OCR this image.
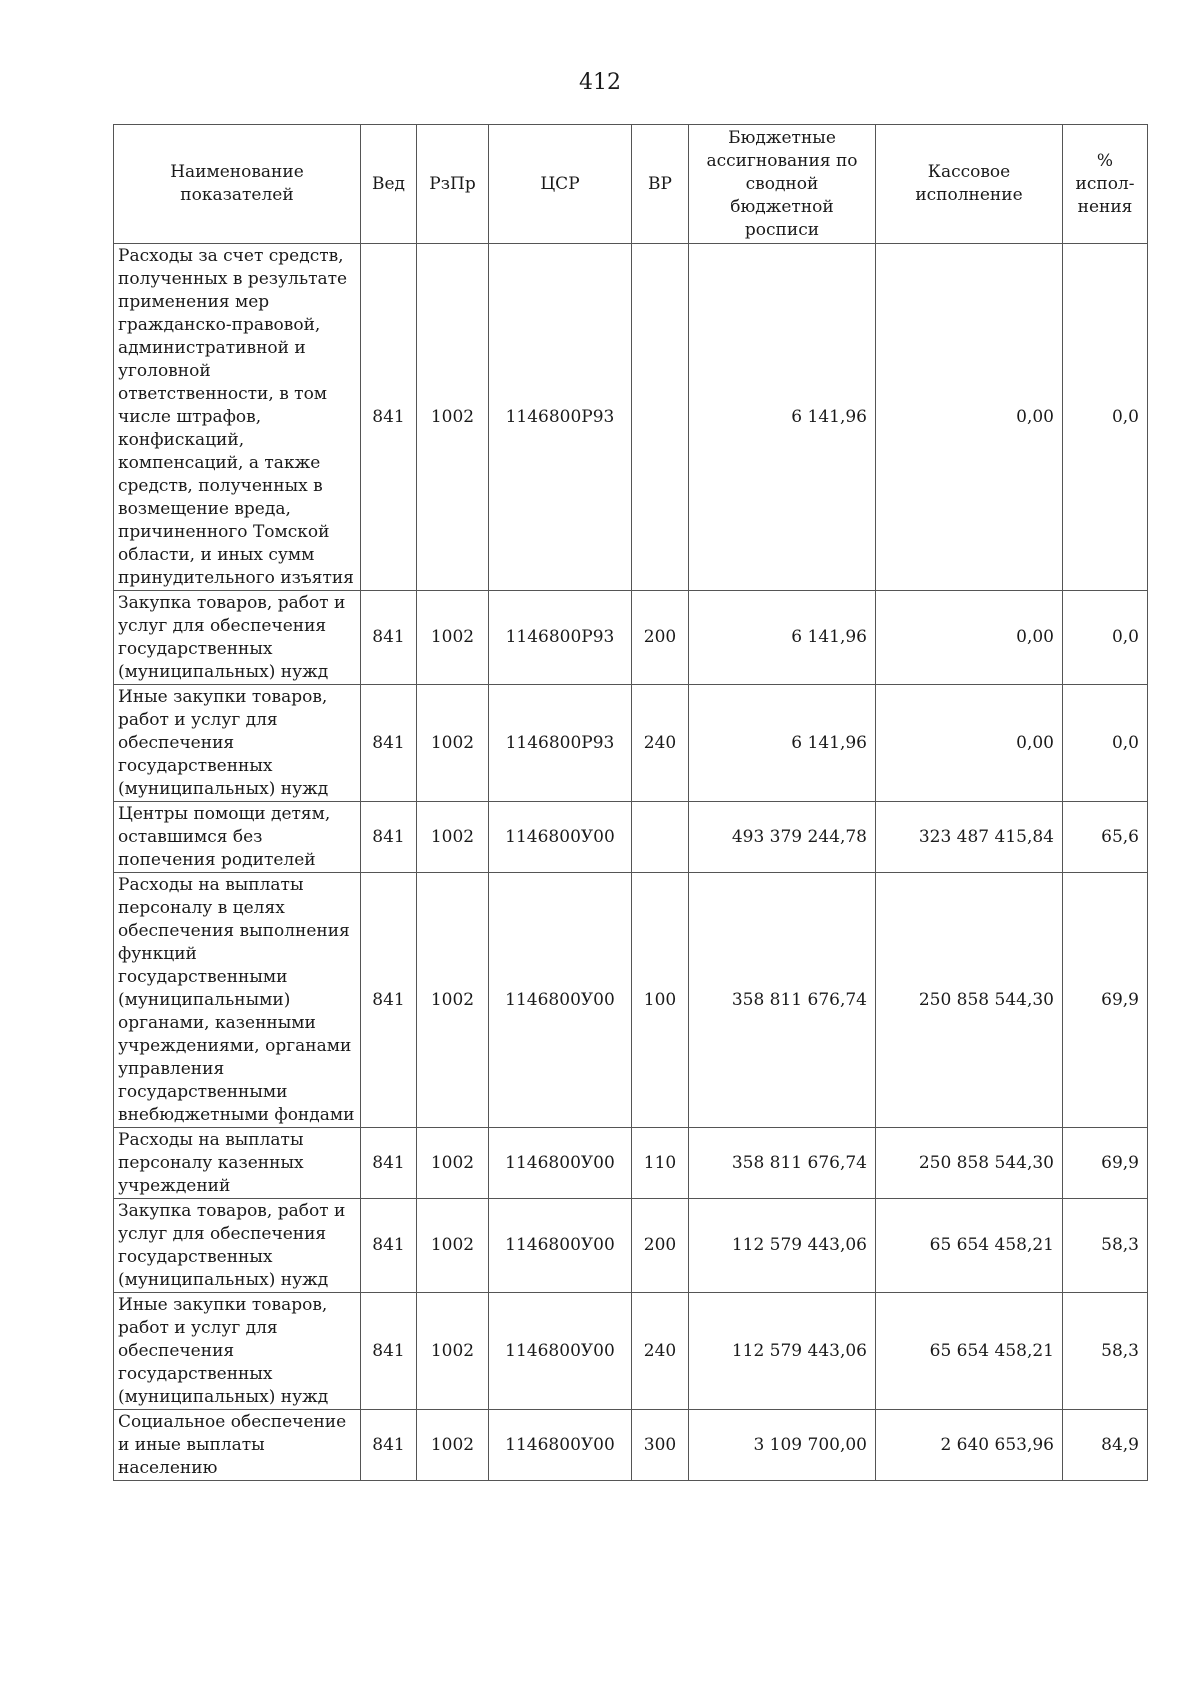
412
Наименование показателей	Вед	РзПр	ЦСР	ВР	Бюджетные ассигнования по сводной бюджетной росписи	Кассовое исполнение	% испол-нения
Расходы за счет средств, полученных в результате применения мер гражданско-правовой, административной и уголовной ответственности, в том числе штрафов, конфискаций, компенсаций, а также средств, полученных в возмещение вреда, причиненного Томской области, и иных сумм принудительного изъятия	841	1002	1146800Р93		6 141,96	0,00	0,0
Закупка товаров, работ и услуг для обеспечения государственных (муниципальных) нужд	841	1002	1146800Р93	200	6 141,96	0,00	0,0
Иные закупки товаров, работ и услуг для обеспечения государственных (муниципальных) нужд	841	1002	1146800Р93	240	6 141,96	0,00	0,0
Центры помощи детям, оставшимся без попечения родителей	841	1002	1146800У00		493 379 244,78	323 487 415,84	65,6
Расходы на выплаты персоналу в целях обеспечения выполнения функций государственными (муниципальными) органами, казенными учреждениями, органами управления государственными внебюджетными фондами	841	1002	1146800У00	100	358 811 676,74	250 858 544,30	69,9
Расходы на выплаты персоналу казенных учреждений	841	1002	1146800У00	110	358 811 676,74	250 858 544,30	69,9
Закупка товаров, работ и услуг для обеспечения государственных (муниципальных) нужд	841	1002	1146800У00	200	112 579 443,06	65 654 458,21	58,3
Иные закупки товаров, работ и услуг для обеспечения государственных (муниципальных) нужд	841	1002	1146800У00	240	112 579 443,06	65 654 458,21	58,3
Социальное обеспечение и иные выплаты населению	841	1002	1146800У00	300	3 109 700,00	2 640 653,96	84,9
